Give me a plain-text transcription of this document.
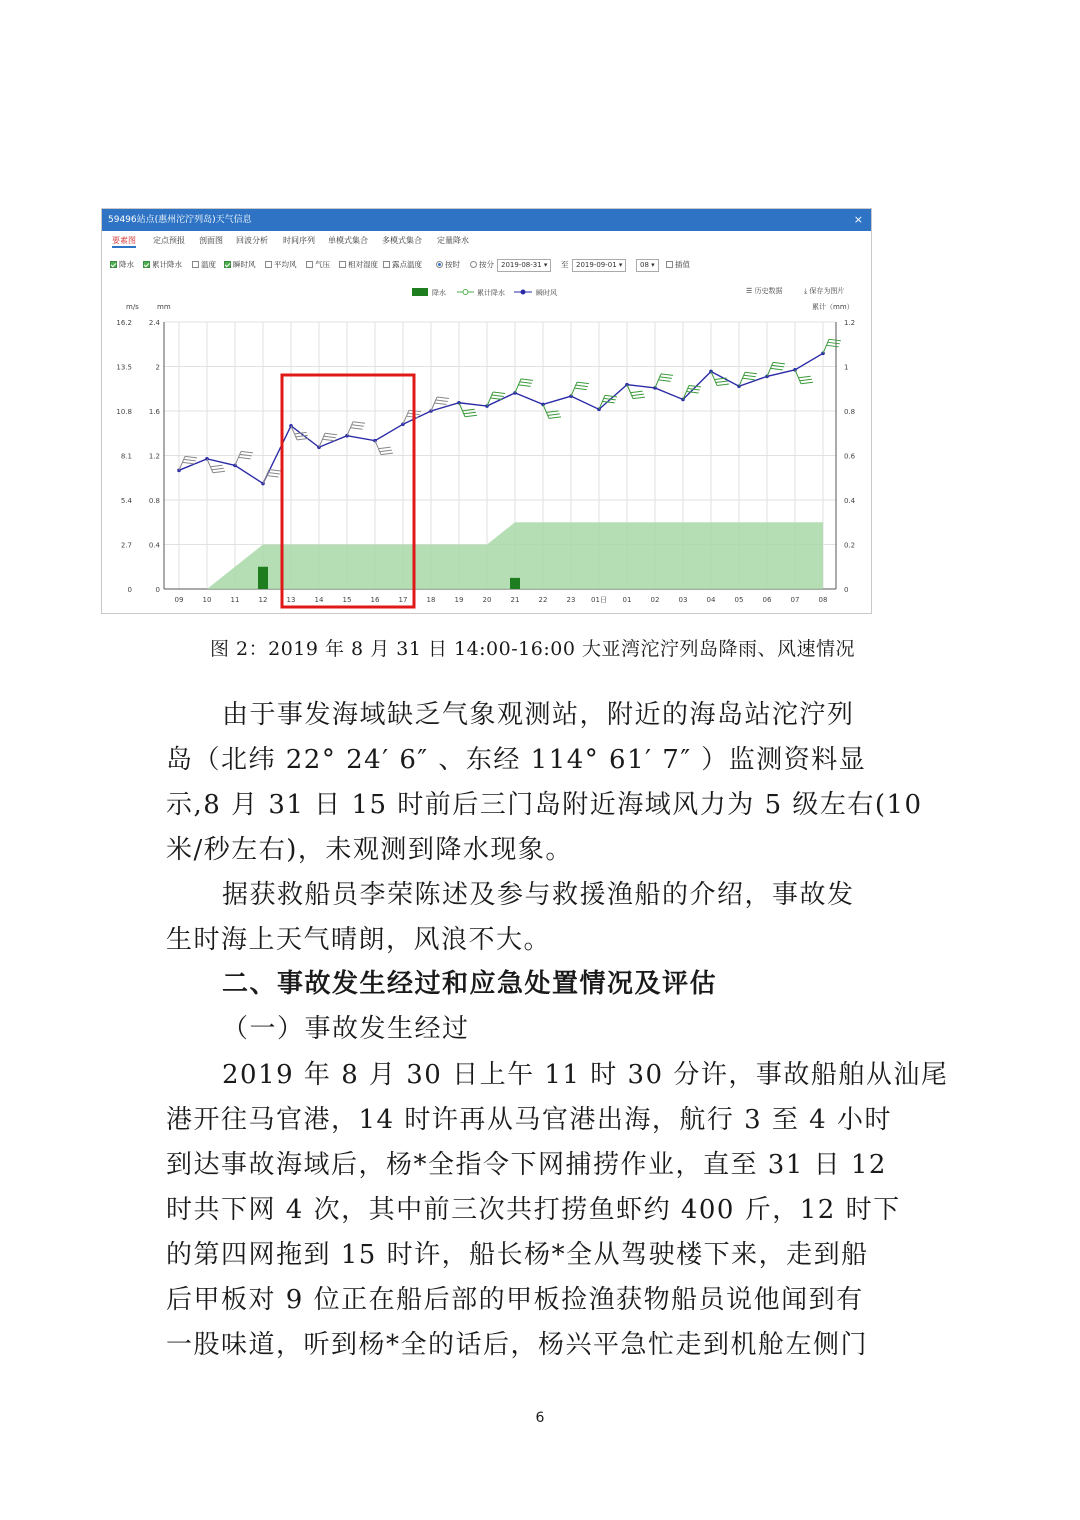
59496站点(惠州沱泞列岛)天气信息	×
要素图 定点预报 剖面图 回波分析 时间序列 单模式集合 多模式集合 定量降水
降水	累计降水	温度	瞬时风	平均风	气压	相对湿度	露点温度	按时	按分	2019-08-31 ▾	至	2019-09-01 ▾	08 ▾	插值
降水	累计降水	瞬时风	☰ 历史数据	⤓ 保存为图片
m/s	mm	累计（mm）
16.2 2.4	1.2
13.5	2	1
10.8 1.6	0.8
8.1 1.2	0.6
5.4 0.8	0.4
2.7 0.4	0.2
0	0	0
09	10	11	12	13	14	15	16	17	18	19	20	21	22	23 01日 01	02	03	04	05	06	07	08
图 2：2019 年 8 月 31 日 14:00-16:00 大亚湾沱泞列岛降雨、风速情况
由于事发海域缺乏气象观测站，附近的海岛站沱泞列
岛（北纬 22° 24′ 6″ 、东经 114° 61′ 7″ ）监测资料显
示,8 月 31 日 15 时前后三门岛附近海域风力为 5 级左右(10
米/秒左右)，未观测到降水现象。
据获救船员李荣陈述及参与救援渔船的介绍，事故发
生时海上天气晴朗，风浪不大。
二、事故发生经过和应急处置情况及评估
（一）事故发生经过
2019 年 8 月 30 日上午 11 时 30 分许，事故船舶从汕尾
港开往马官港，14 时许再从马官港出海，航行 3 至 4 小时
到达事故海域后，杨*全指令下网捕捞作业，直至 31 日 12
时共下网 4 次，其中前三次共打捞鱼虾约 400 斤，12 时下
的第四网拖到 15 时许，船长杨*全从驾驶楼下来，走到船
后甲板对 9 位正在船后部的甲板捡渔获物船员说他闻到有
一股味道，听到杨*全的话后，杨兴平急忙走到机舱左侧门
6
